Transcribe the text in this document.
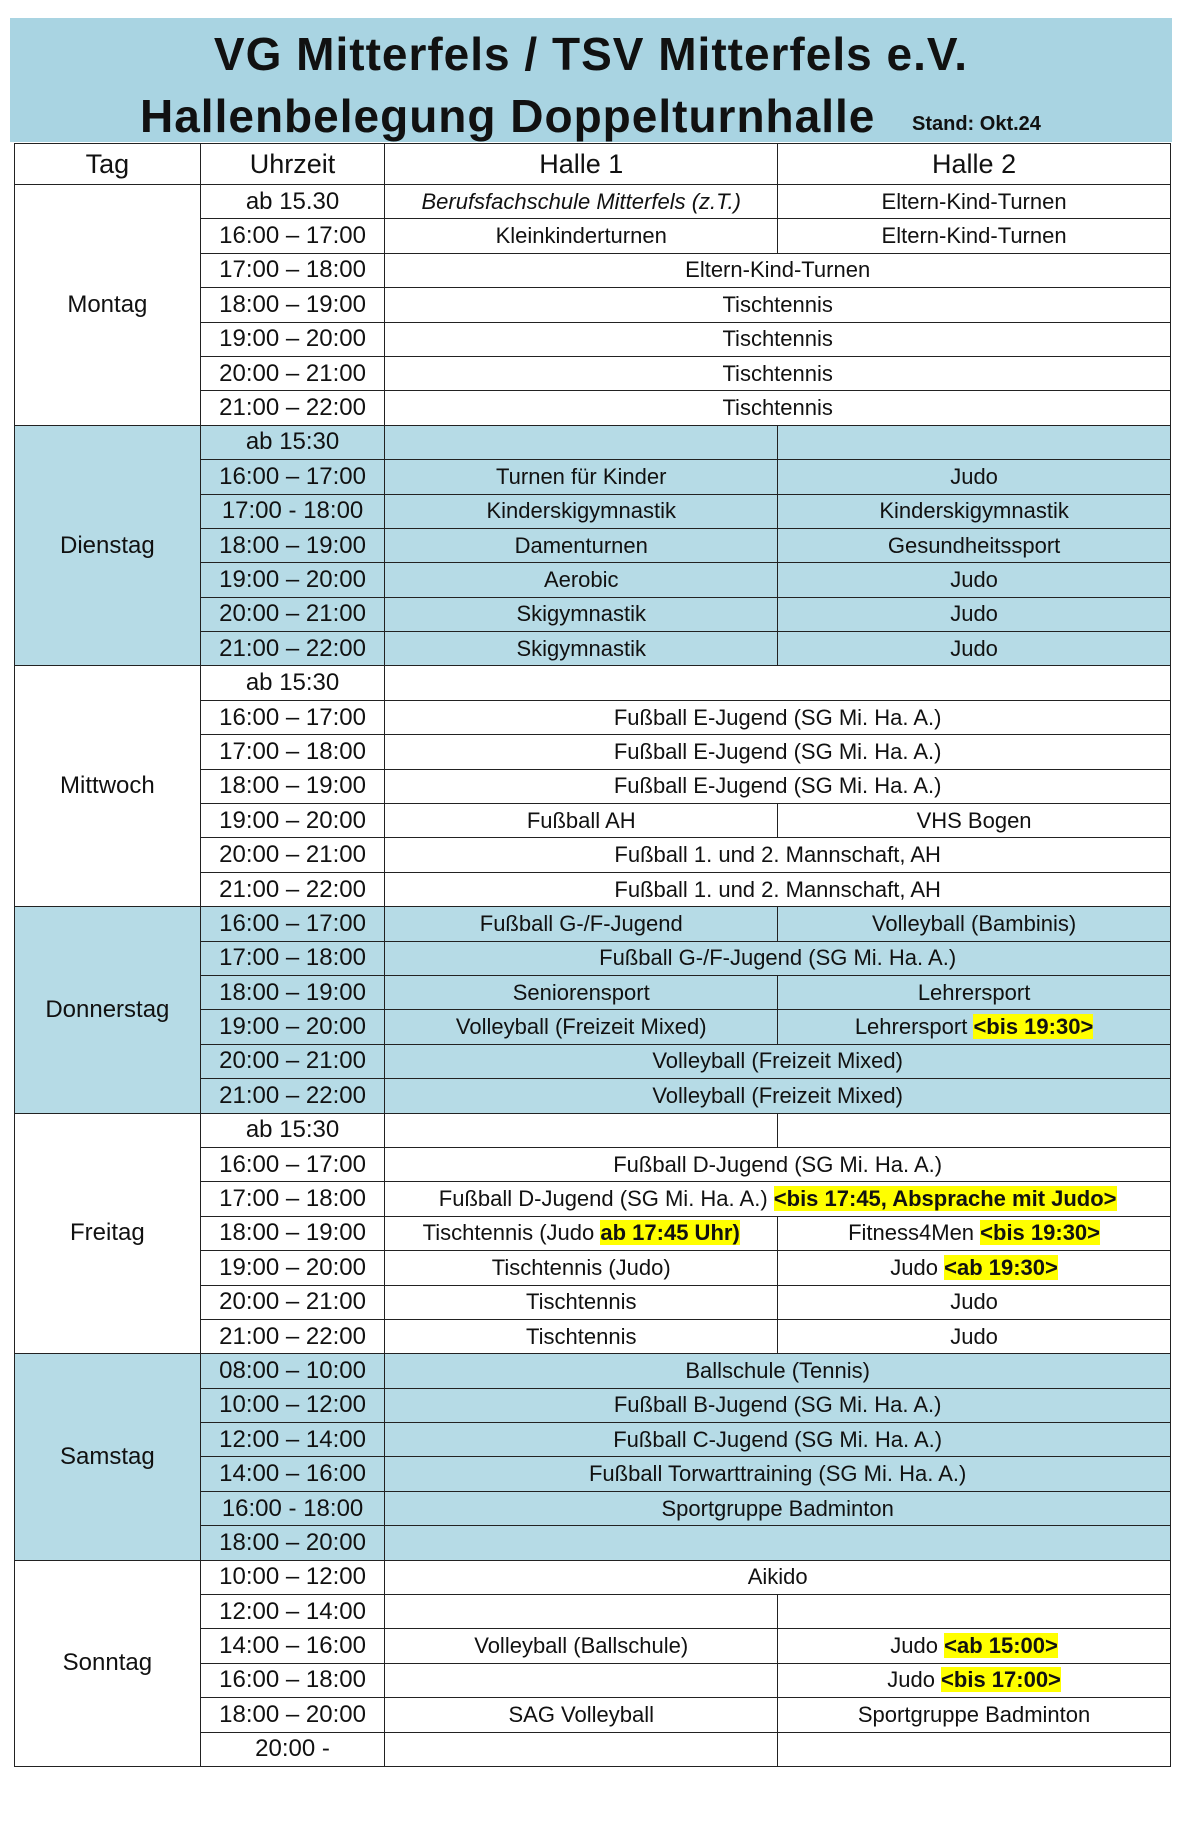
VG Mitterfels / TSV Mitterfels e.V.
Hallenbelegung Doppelturnhalle Stand: Okt.24
Tag	Uhrzeit	Halle 1	Halle 2
Montag	ab 15.30	Berufsfachschule Mitterfels (z.T.)	Eltern-Kind-Turnen
	16:00 – 17:00	Kleinkinderturnen	Eltern-Kind-Turnen
	17:00 – 18:00	Eltern-Kind-Turnen	
	18:00 – 19:00	Tischtennis	
	19:00 – 20:00	Tischtennis	
	20:00 – 21:00	Tischtennis	
	21:00 – 22:00	Tischtennis	
Dienstag	ab 15:30		
	16:00 – 17:00	Turnen für Kinder	Judo
	17:00 - 18:00	Kinderskigymnastik	Kinderskigymnastik
	18:00 – 19:00	Damenturnen	Gesundheitssport
	19:00 – 20:00	Aerobic	Judo
	20:00 – 21:00	Skigymnastik	Judo
	21:00 – 22:00	Skigymnastik	Judo
Mittwoch	ab 15:30		
	16:00 – 17:00	Fußball E-Jugend (SG Mi. Ha. A.)	
	17:00 – 18:00	Fußball E-Jugend (SG Mi. Ha. A.)	
	18:00 – 19:00	Fußball E-Jugend (SG Mi. Ha. A.)	
	19:00 – 20:00	Fußball AH	VHS Bogen
	20:00 – 21:00	Fußball 1. und 2. Mannschaft, AH	
	21:00 – 22:00	Fußball 1. und 2. Mannschaft, AH	
Donnerstag	16:00 – 17:00	Fußball G-/F-Jugend	Volleyball (Bambinis)
	17:00 – 18:00	Fußball G-/F-Jugend (SG Mi. Ha. A.)	
	18:00 – 19:00	Seniorensport	Lehrersport
	19:00 – 20:00	Volleyball (Freizeit Mixed)	Lehrersport <bis 19:30>
	20:00 – 21:00	Volleyball (Freizeit Mixed)	
	21:00 – 22:00	Volleyball (Freizeit Mixed)	
Freitag	ab 15:30		
	16:00 – 17:00	Fußball D-Jugend (SG Mi. Ha. A.)	
	17:00 – 18:00	Fußball D-Jugend (SG Mi. Ha. A.) <bis 17:45, Absprache mit Judo>	
	18:00 – 19:00	Tischtennis (Judo ab 17:45 Uhr)	Fitness4Men <bis 19:30>
	19:00 – 20:00	Tischtennis (Judo)	Judo <ab 19:30>
	20:00 – 21:00	Tischtennis	Judo
	21:00 – 22:00	Tischtennis	Judo
Samstag	08:00 – 10:00	Ballschule (Tennis)	
	10:00 – 12:00	Fußball B-Jugend (SG Mi. Ha. A.)	
	12:00 – 14:00	Fußball C-Jugend (SG Mi. Ha. A.)	
	14:00 – 16:00	Fußball Torwarttraining (SG Mi. Ha. A.)	
	16:00 - 18:00	Sportgruppe Badminton	
	18:00 – 20:00		
Sonntag	10:00 – 12:00	Aikido	
	12:00 – 14:00		
	14:00 – 16:00	Volleyball (Ballschule)	Judo <ab 15:00>
	16:00 – 18:00		Judo <bis 17:00>
	18:00 – 20:00	SAG Volleyball	Sportgruppe Badminton
	20:00 -		
